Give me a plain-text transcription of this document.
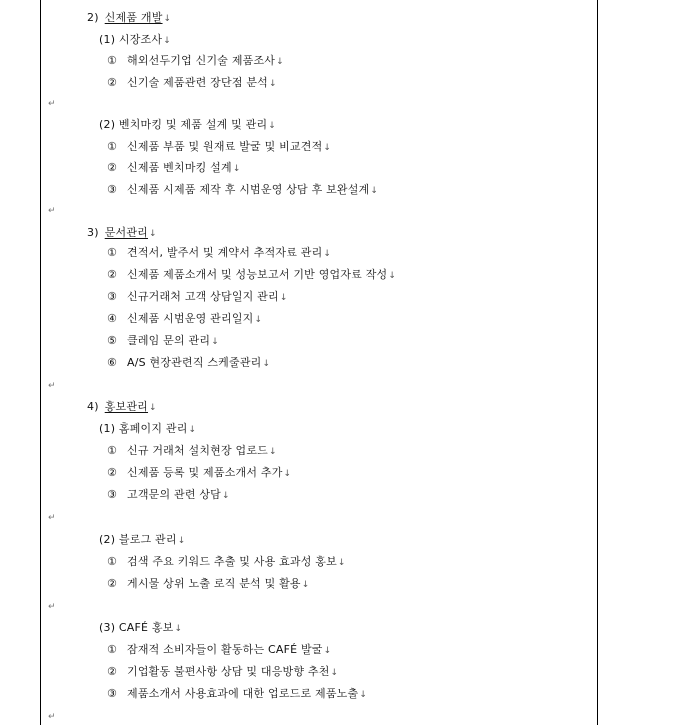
2) 신제품 개발↓
(1) 시장조사↓
① 해외선두기업 신기술 제품조사↓
② 신기술 제품관련 장단점 분석↓
↵
(2) 벤치마킹 및 제품 설계 및 관리↓
① 신제품 부품 및 원재료 발굴 및 비교견적↓
② 신제품 벤치마킹 설계↓
③ 신제품 시제품 제작 후 시범운영 상담 후 보완설계↓
↵
3) 문서관리↓
① 견적서, 발주서 및 계약서 추적자료 관리↓
② 신제품 제품소개서 및 성능보고서 기반 영업자료 작성↓
③ 신규거래처 고객 상담일지 관리↓
④ 신제품 시범운영 관리일지↓
⑤ 클레임 문의 관리↓
⑥ A/S 현장관련직 스케줄관리↓
↵
4) 홍보관리↓
(1) 홈페이지 관리↓
① 신규 거래처 설치현장 업로드↓
② 신제품 등록 및 제품소개서 추가↓
③ 고객문의 관련 상담↓
↵
(2) 블로그 관리↓
① 검색 주요 키워드 추출 및 사용 효과성 홍보↓
② 게시물 상위 노출 로직 분석 및 활용↓
↵
(3) CAFÉ 홍보↓
① 잠재적 소비자들이 활동하는 CAFÉ 발굴↓
② 기업활동 불편사항 상담 및 대응방향 추천↓
③ 제품소개서 사용효과에 대한 업로드로 제품노출↓
↵
